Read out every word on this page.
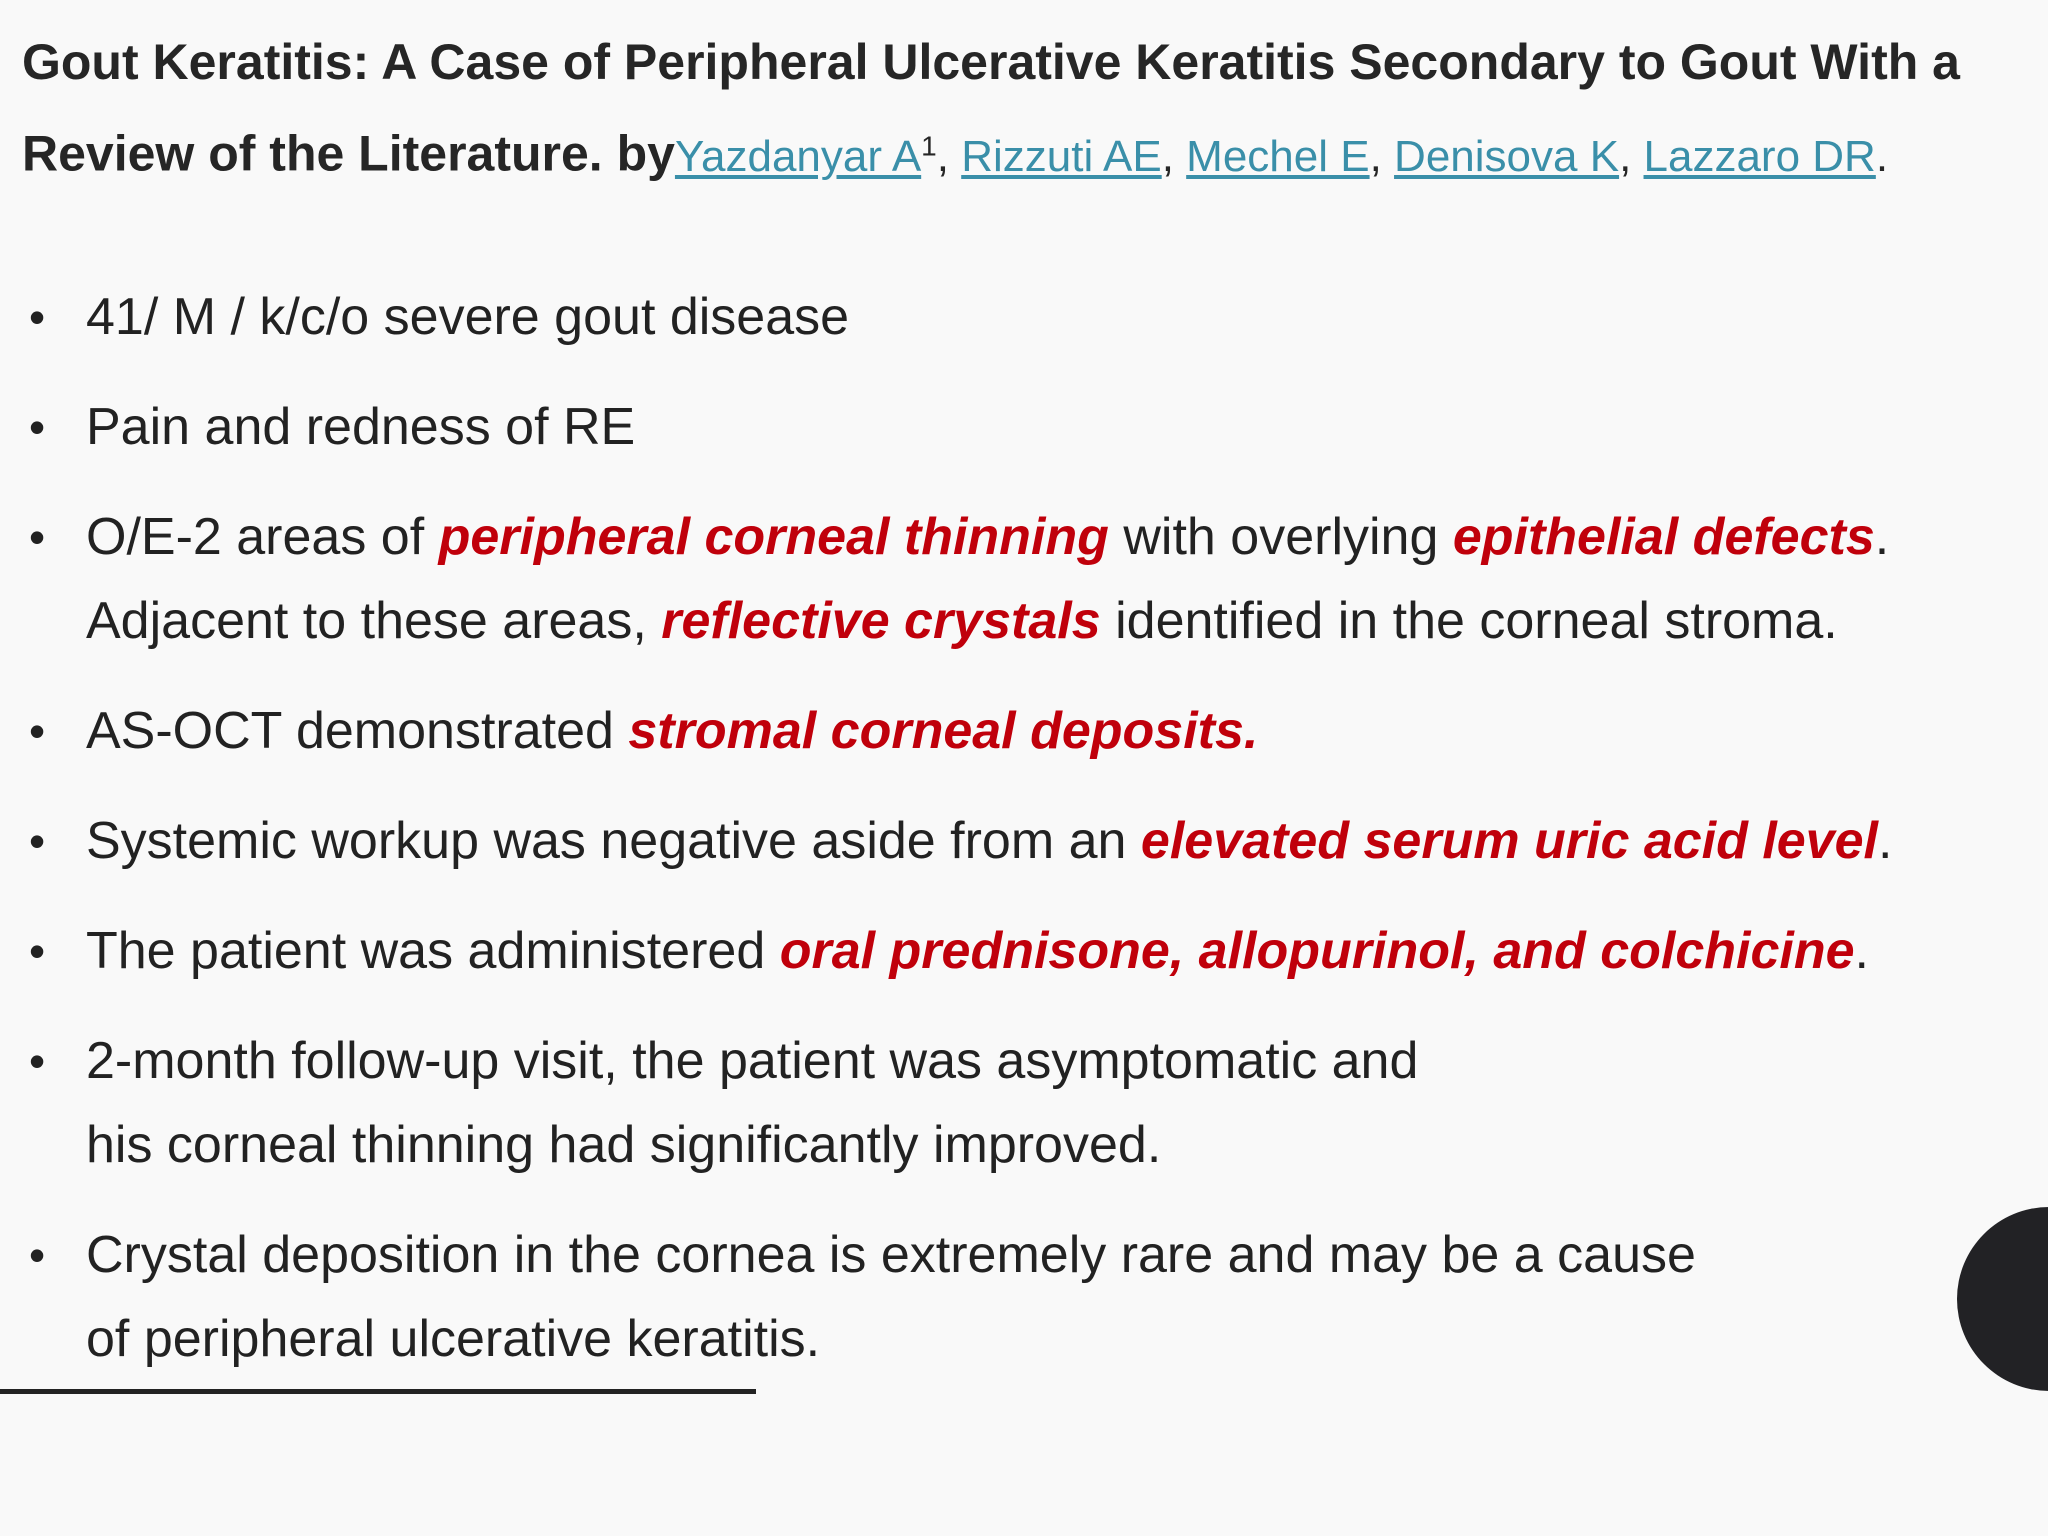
Gout Keratitis: A Case of Peripheral Ulcerative Keratitis Secondary to Gout With a Review of the Literature. byYazdanyar $A^1$, Rizzuti AE, Mechel E, Denisova K, Lazzaro DR.
• 41/ M / k/c/o severe gout disease
• Pain and redness of RE
• O/E-2 areas of peripheral corneal thinning with overlying epithelial defects.
Adjacent to these areas, reflective crystals identified in the corneal stroma.
• AS-OCT demonstrated stromal corneal deposits.
• Systemic workup was negative aside from an elevated serum uric acid level.
• The patient was administered oral prednisone, allopurinol, and colchicine.
• 2-month follow-up visit, the patient was asymptomatic and
his corneal thinning had significantly improved.
• Crystal deposition in the cornea is extremely rare and may be a cause
of peripheral ulcerative keratitis.
